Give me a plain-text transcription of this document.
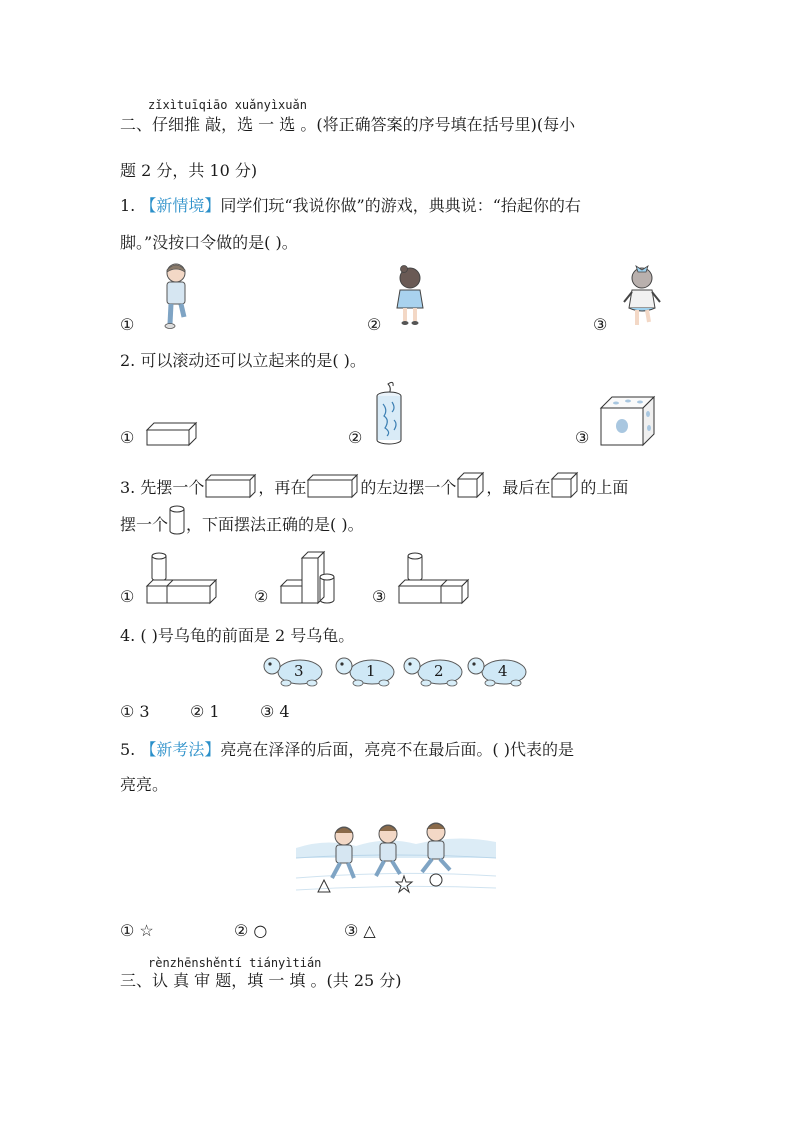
zǐxìtuīqiāo xuǎnyìxuǎn
二、仔细推 敲，选 一 选 。(将正确答案的序号填在括号里)(每小
题 2 分，共 10 分)
1. 【新情境】同学们玩“我说你做”的游戏，典典说：“抬起你的右
脚。”没按口令做的是( )。
①	②	③
2. 可以滚动还可以立起来的是( )。
①	②	③
3. 先摆一个	，再在	的左边摆一个 ，最后在 的上面
摆一个 ，下面摆法正确的是( )。
①	②	③
4. ( )号乌龟的前面是 2 号乌龟。
3	1	2	4
① 3	② 1	③ 4
5. 【新考法】亮亮在泽泽的后面，亮亮不在最后面。( )代表的是
亮亮。
① ☆	② ○	③ △
rènzhēnshěntí tiányìtián
三、认 真 审 题，填 一 填 。(共 25 分)
